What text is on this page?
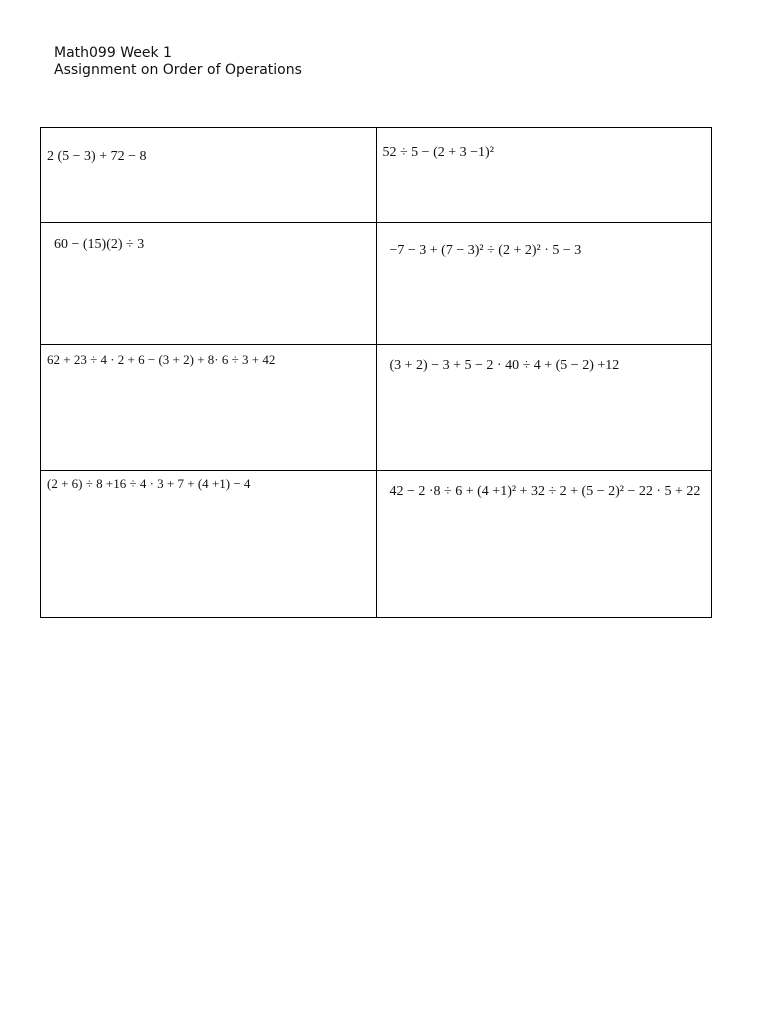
Math099 Week 1
Assignment on Order of Operations
2 (5 − 3) + 72 − 8	52 ÷ 5 − (2 + 3 −1)²

60 − (15)(2) ÷ 3	−7 − 3 + (7 − 3)² ÷ (2 + 2)² · 5 − 3

62 + 23 ÷ 4 · 2 + 6 − (3 + 2) + 8· 6 ÷ 3 + 42	(3 + 2) − 3 + 5 − 2 · 40 ÷ 4 + (5 − 2) +12

(2 + 6) ÷ 8 +16 ÷ 4 · 3 + 7 + (4 +1) − 4	42 − 2 ·8 ÷ 6 + (4 +1)² + 32 ÷ 2 + (5 − 2)² − 22 · 5 + 22
